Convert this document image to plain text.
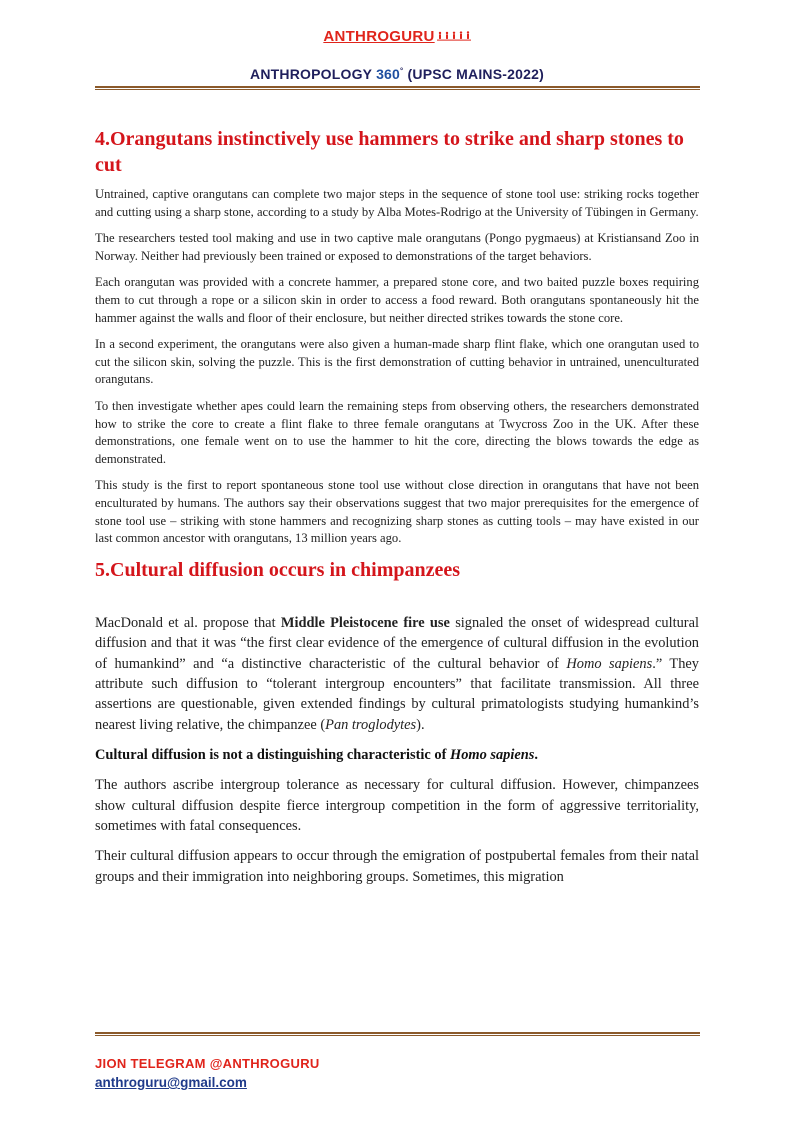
ANTHROGURU
ANTHROPOLOGY 360° (UPSC MAINS-2022)
4.Orangutans instinctively use hammers to strike and sharp stones to cut

Untrained, captive orangutans can complete two major steps in the sequence of stone tool use: striking rocks together and cutting using a sharp stone, according to a study by Alba Motes-Rodrigo at the University of Tübingen in Germany.

The researchers tested tool making and use in two captive male orangutans (Pongo pygmaeus) at Kristiansand Zoo in Norway. Neither had previously been trained or exposed to demonstrations of the target behaviors.

Each orangutan was provided with a concrete hammer, a prepared stone core, and two baited puzzle boxes requiring them to cut through a rope or a silicon skin in order to access a food reward. Both orangutans spontaneously hit the hammer against the walls and floor of their enclosure, but neither directed strikes towards the stone core.

In a second experiment, the orangutans were also given a human-made sharp flint flake, which one orangutan used to cut the silicon skin, solving the puzzle. This is the first demonstration of cutting behavior in untrained, unenculturated orangutans.

To then investigate whether apes could learn the remaining steps from observing others, the researchers demonstrated how to strike the core to create a flint flake to three female orangutans at Twycross Zoo in the UK. After these demonstrations, one female went on to use the hammer to hit the core, directing the blows towards the edge as demonstrated.

This study is the first to report spontaneous stone tool use without close direction in orangutans that have not been enculturated by humans. The authors say their observations suggest that two major prerequisites for the emergence of stone tool use – striking with stone hammers and recognizing sharp stones as cutting tools – may have existed in our last common ancestor with orangutans, 13 million years ago.

5.Cultural diffusion occurs in chimpanzees

MacDonald et al. propose that Middle Pleistocene fire use signaled the onset of widespread cultural diffusion and that it was “the first clear evidence of the emergence of cultural diffusion in the evolution of humankind” and “a distinctive characteristic of the cultural behavior of Homo sapiens.” They attribute such diffusion to “tolerant intergroup encounters” that facilitate transmission. All three assertions are questionable, given extended findings by cultural primatologists studying humankind’s nearest living relative, the chimpanzee (Pan troglodytes).

Cultural diffusion is not a distinguishing characteristic of Homo sapiens.

The authors ascribe intergroup tolerance as necessary for cultural diffusion. However, chimpanzees show cultural diffusion despite fierce intergroup competition in the form of aggressive territoriality, sometimes with fatal consequences.

Their cultural diffusion appears to occur through the emigration of postpubertal females from their natal groups and their immigration into neighboring groups. Sometimes, this migration

JION TELEGRAM @ANTHROGURU
anthroguru@gmail.com
